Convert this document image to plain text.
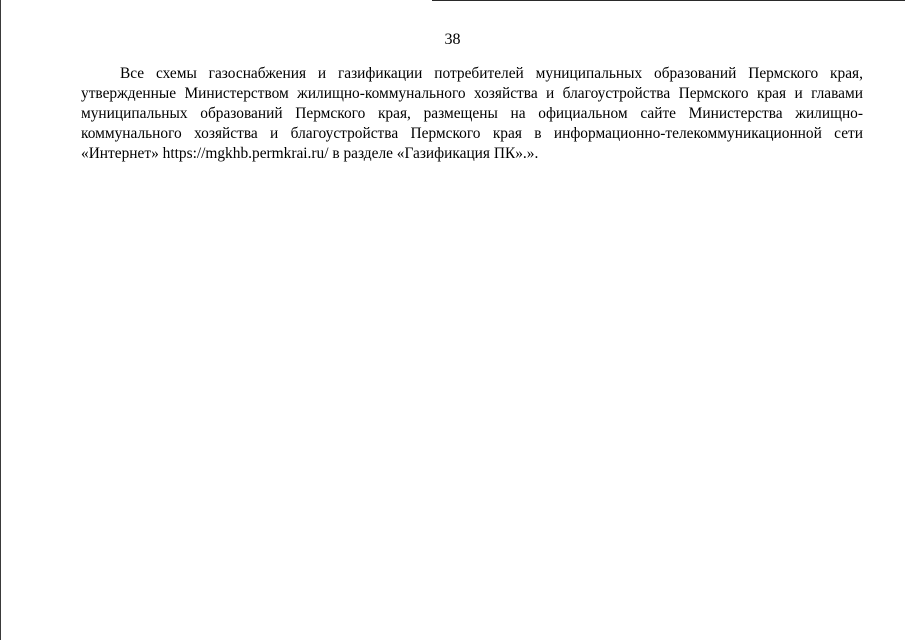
38

Все схемы газоснабжения и газификации потребителей муниципальных образований Пермского края, утвержденные Министерством жилищно-коммунального хозяйства и благоустройства Пермского края и главами муниципальных образований Пермского края, размещены на официальном сайте Министерства жилищно-коммунального хозяйства и благоустройства Пермского края в информационно-телекоммуникационной сети «Интернет» https://mgkhb.permkrai.ru/ в разделе «Газификация ПК».».
